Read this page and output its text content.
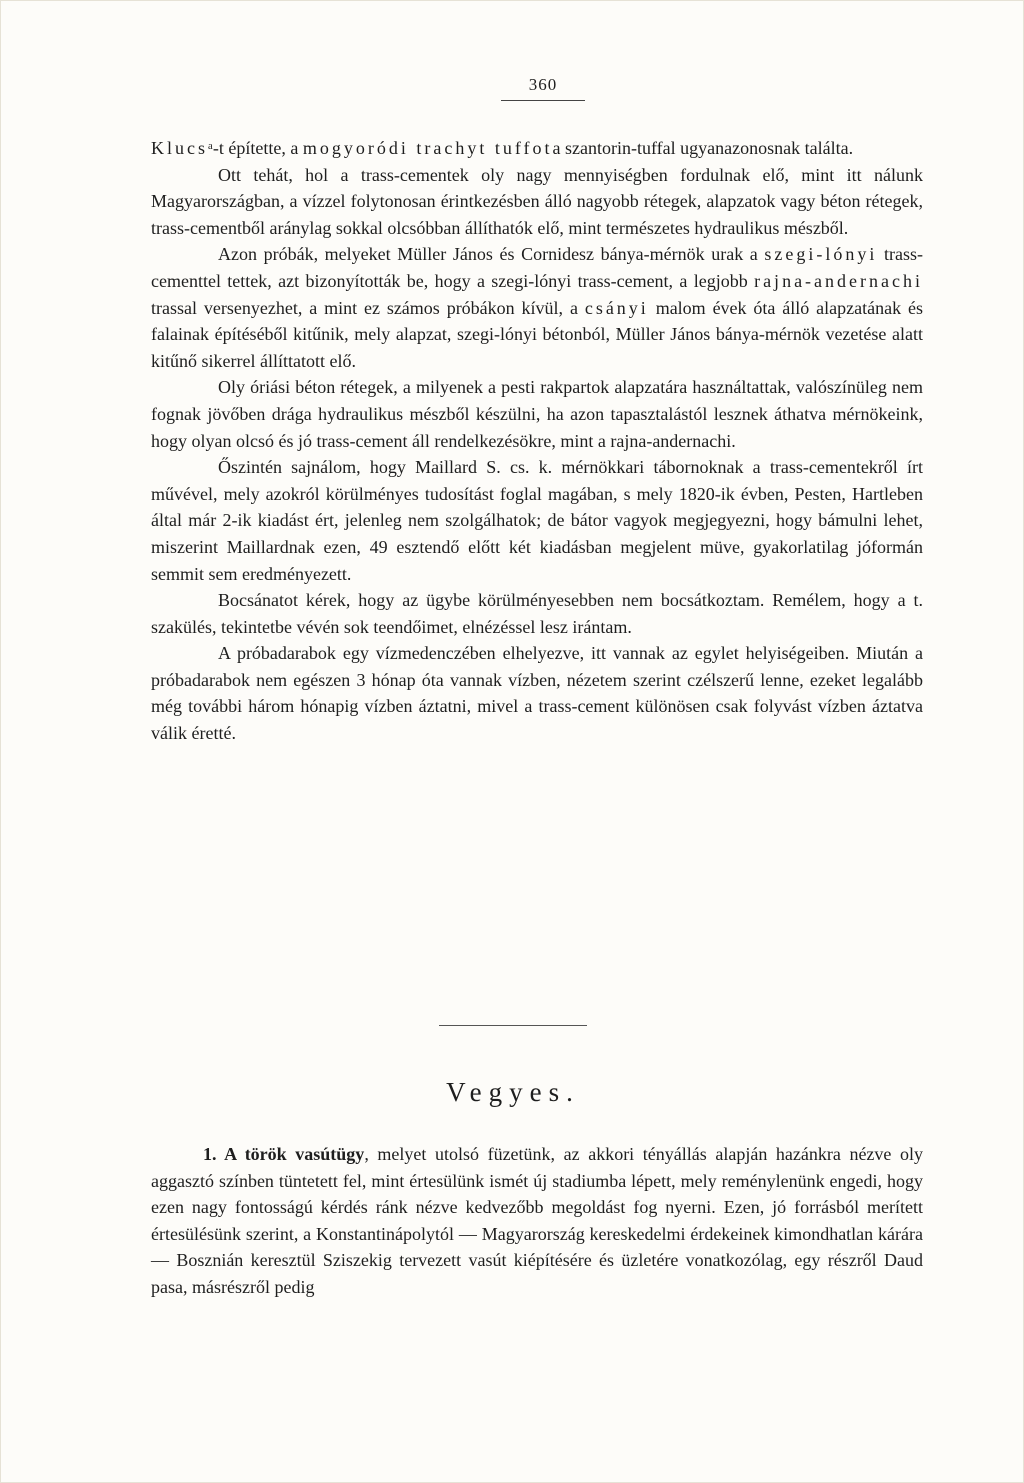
360

Klucsᵃ-t építette, a mogyoródi trachyt tuffota szantorin-tuffal ugyanazonosnak találta.

Ott tehát, hol a trass-cementek oly nagy mennyiségben fordulnak elő, mint itt nálunk Magyarországban, a vízzel folytonosan érintkezésben álló nagyobb rétegek, alapzatok vagy béton rétegek, trass-cementből aránylag sokkal olcsóbban állíthatók elő, mint természetes hydraulikus mészből.

Azon próbák, melyeket Müller János és Cornidesz bánya-mérnök urak a szegi-lónyi trass-cementtel tettek, azt bizonyították be, hogy a szegi-lónyi trass-cement, a legjobb rajna-andernachi trassal versenyezhet, a mint ez számos próbákon kívül, a csányi malom évek óta álló alapzatának és falainak építéséből kitűnik, mely alapzat, szegi-lónyi bétonból, Müller János bánya-mérnök vezetése alatt kitűnő sikerrel állíttatott elő.

Oly óriási béton rétegek, a milyenek a pesti rakpartok alapzatára használtattak, valószínüleg nem fognak jövőben drága hydraulikus mészből készülni, ha azon tapasztalástól lesznek áthatva mérnökeink, hogy olyan olcsó és jó trass-cement áll rendelkezésökre, mint a rajna-andernachi.

Őszintén sajnálom, hogy Maillard S. cs. k. mérnökkari tábornoknak a trass-cementekről írt művével, mely azokról körülményes tudosítást foglal magában, s mely 1820-ik évben, Pesten, Hartleben által már 2-ik kiadást ért, jelenleg nem szolgálhatok; de bátor vagyok megjegyezni, hogy bámulni lehet, miszerint Maillardnak ezen, 49 esztendő előtt két kiadásban megjelent müve, gyakorlatilag jóformán semmit sem eredményezett.

Bocsánatot kérek, hogy az ügybe körülményesebben nem bocsátkoztam. Remélem, hogy a t. szakülés, tekintetbe vévén sok teendőimet, elnézéssel lesz irántam.

A próbadarabok egy vízmedenczében elhelyezve, itt vannak az egylet helyiségeiben. Miután a próbadarabok nem egészen 3 hónap óta vannak vízben, nézetem szerint czélszerű lenne, ezeket legalább még további három hónapig vízben áztatni, mivel a trass-cement különösen csak folyvást vízben áztatva válik éretté.

Vegyes.

1. A török vasútügy, melyet utolsó füzetünk, az akkori tényállás alapján hazánkra nézve oly aggasztó színben tüntetett fel, mint értesülünk ismét új stadiumba lépett, mely reménylenünk engedi, hogy ezen nagy fontosságú kérdés ránk nézve kedvezőbb megoldást fog nyerni. Ezen, jó forrásból merített értesülésünk szerint, a Konstantinápolytól — Magyarország kereskedelmi érdekeinek kimondhatlan kárára — Bosznián keresztül Sziszekig tervezett vasút kiépítésére és üzletére vonatkozólag, egy részről Daud pasa, másrészről pedig
